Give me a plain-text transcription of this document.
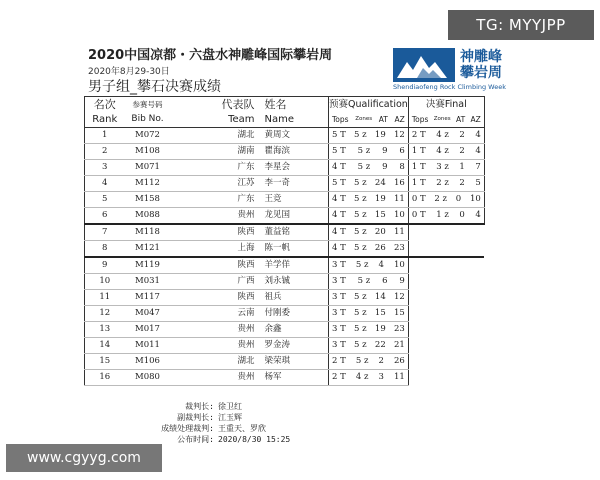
TG: MYYJPP
2020中国凉都・六盘水神雕峰国际攀岩周
2020年8月29-30日
男子组_攀石决赛成绩
神雕峰
攀岩周
Shendiaofeng Rock Climbing Week
名次	参赛号码	代表队	姓名	预赛Qualification	决赛Final
Rank	Bib No.	Team	Name	Tops Zones AT AZ	Tops Zones AT AZ

1	M072	湖北	黄周文	5 T 5 z 19 12	2 T 4 z 2 4

2	M108	湖南	瞿海滨	5 T 5 z 9 6	1 T 4 z 2 4

3	M071	广东	李星会	4 T 5 z 9 8	1 T 3 z 1 7

4	M112	江苏	李一奇	5 T 5 z 24 16	1 T 2 z 2 5

5	M158	广东	王竞	4 T 5 z 19 11	0 T 2 z 0 10

6	M088	贵州	龙见国	4 T 5 z 15 10	0 T 1 z 0 4

7	M118	陕西	董益铭	4 T 5 z 20 11	

8	M121	上海	陈一帆	4 T 5 z 26 23	

9	M119	陕西	羊学佯	3 T 5 z 4 10	

10	M031	广西	刘永铖	3 T 5 z 6 9	

11	M117	陕西	祖兵	3 T 5 z 14 12	

12	M047	云南	付刚委	3 T 5 z 15 15	

13	M017	贵州	余鑫	3 T 5 z 19 23	

14	M011	贵州	罗金涛	3 T 5 z 22 21	

15	M106	湖北	梁荣琪	2 T 5 z 2 26	

16	M080	贵州	杨军	2 T 4 z 3 11	

裁判长: 徐卫红
副裁判长: 江玉辉
成绩处理裁判: 王重天、罗欣
公布时间: 2020/8/30 15:25
www.cgyyg.com
